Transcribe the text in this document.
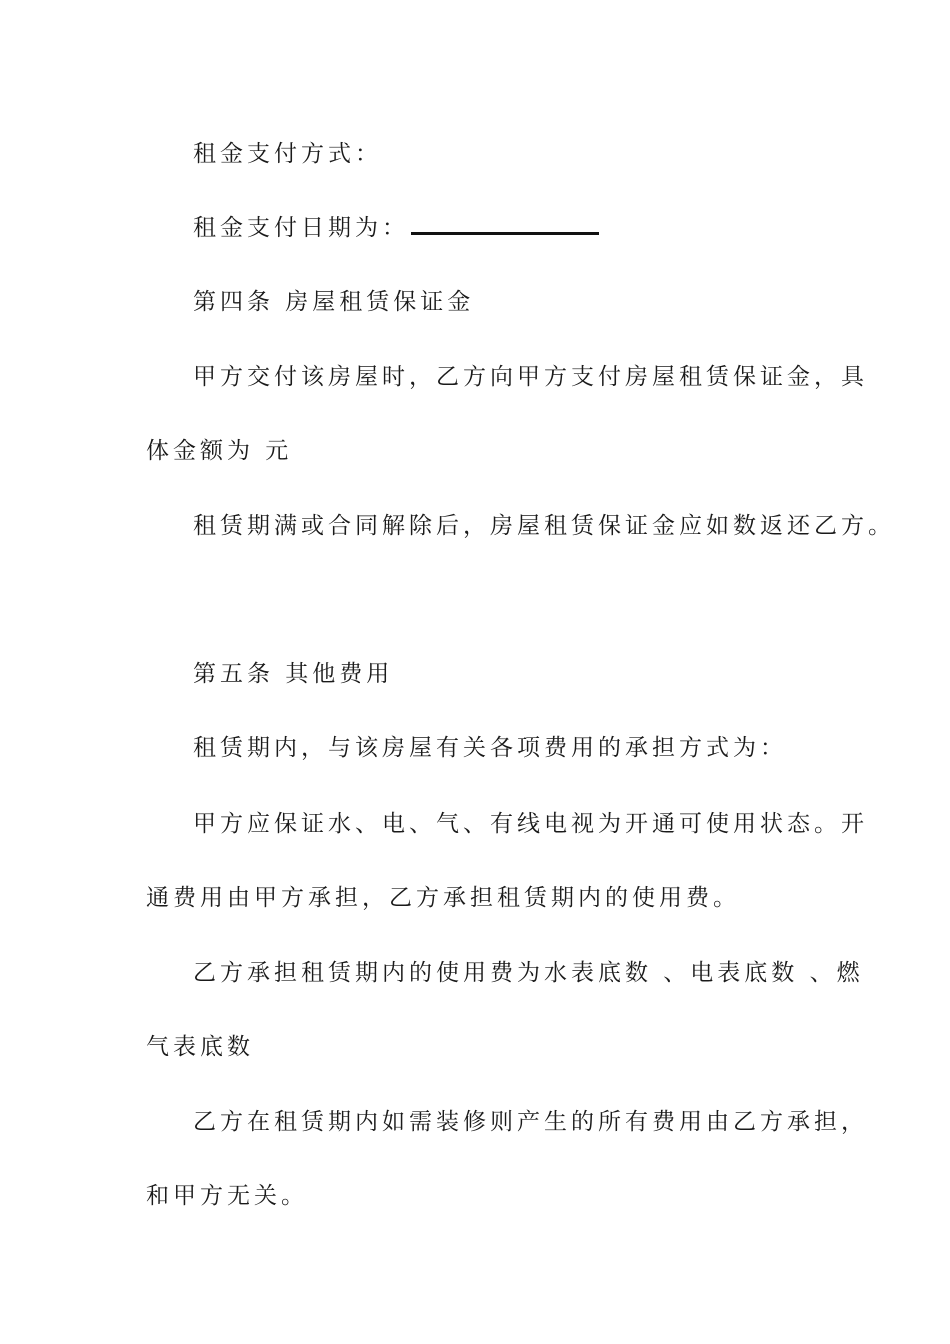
租金支付方式：
租金支付日期为：
第四条 房屋租赁保证金
甲方交付该房屋时，乙方向甲方支付房屋租赁保证金，具
体金额为 元
租赁期满或合同解除后，房屋租赁保证金应如数返还乙方。
第五条 其他费用
租赁期内，与该房屋有关各项费用的承担方式为：
甲方应保证水、电、气、有线电视为开通可使用状态。开
通费用由甲方承担，乙方承担租赁期内的使用费。
乙方承担租赁期内的使用费为水表底数 、电表底数 、燃
气表底数
乙方在租赁期内如需装修则产生的所有费用由乙方承担，
和甲方无关。
